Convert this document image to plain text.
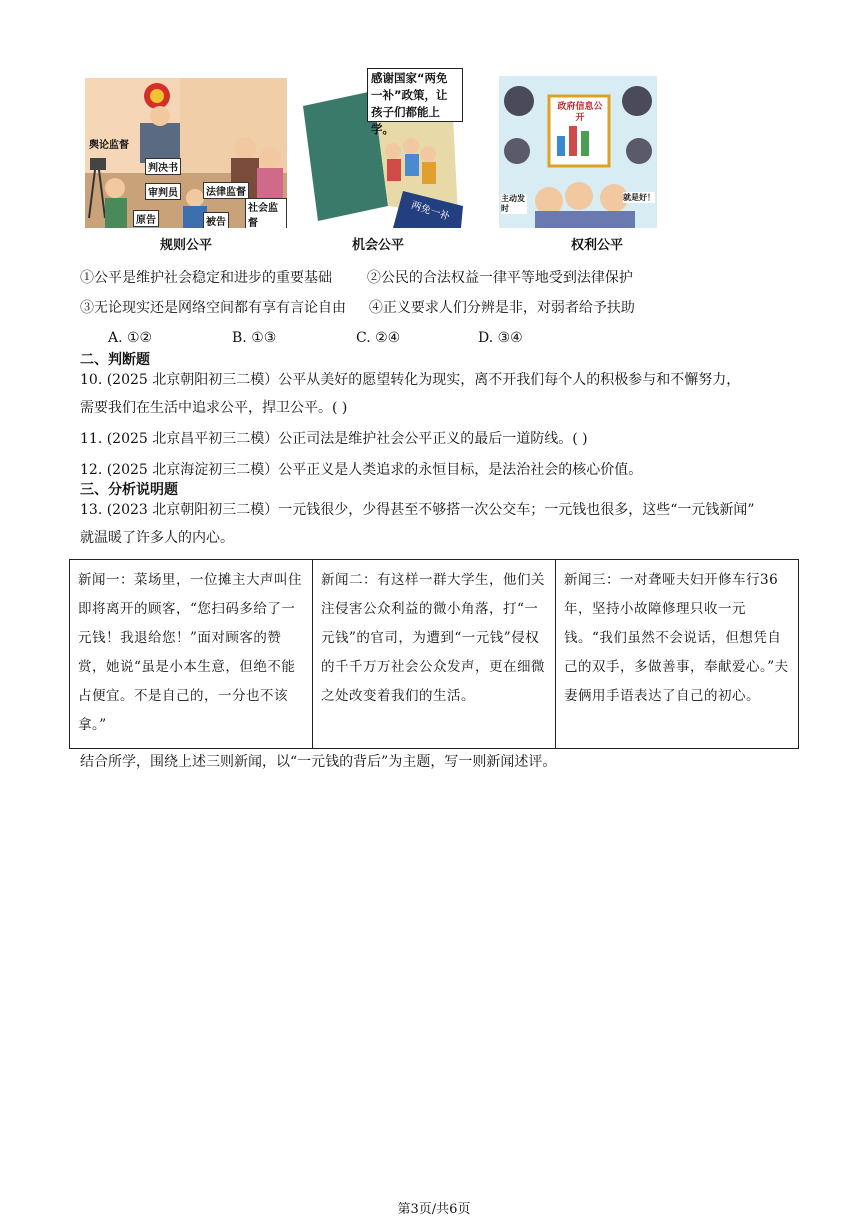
舆论监督
判决书
审判员	法律监督
原告	被告
社会监督
规则公平
感谢国家“两免一补”政策，让孩子们都能上学。
两免一补
机会公平
政府信息公开
主动发时
就是好！
权利公平
①公平是维护社会稳定和进步的重要基础 ②公民的合法权益一律平等地受到法律保护
③无论现实还是网络空间都有享有言论自由 ④正义要求人们分辨是非，对弱者给予扶助
A. ①②	B. ①③	C. ②④	D. ③④
二、判断题
10. (2025 北京朝阳初三二模）公平从美好的愿望转化为现实，离不开我们每个人的积极参与和不懈努力，
需要我们在生活中追求公平，捍卫公平。( )
11. (2025 北京昌平初三二模）公正司法是维护社会公平正义的最后一道防线。( )
12. (2025 北京海淀初三二模）公平正义是人类追求的永恒目标，是法治社会的核心价值。
三、分析说明题
13. (2023 北京朝阳初三二模）一元钱很少，少得甚至不够搭一次公交车；一元钱也很多，这些“一元钱新闻”
就温暖了许多人的内心。
新闻一：菜场里，一位摊主大声叫住即将离开的顾客，“您扫码多给了一元钱！我退给您！”面对顾客的赞赏，她说“虽是小本生意，但绝不能占便宜。不是自己的，一分也不该拿。”	新闻二：有这样一群大学生，他们关注侵害公众利益的微小角落，打“一元钱”的官司，为遭到“一元钱”侵权的千千万万社会公众发声，更在细微之处改变着我们的生活。	新闻三：一对聋哑夫妇开修车行36年，坚持小故障修理只收一元钱。“我们虽然不会说话，但想凭自己的双手，多做善事，奉献爱心。”夫妻俩用手语表达了自己的初心。
结合所学，围绕上述三则新闻，以“一元钱的背后”为主题，写一则新闻述评。
第3页/共6页
